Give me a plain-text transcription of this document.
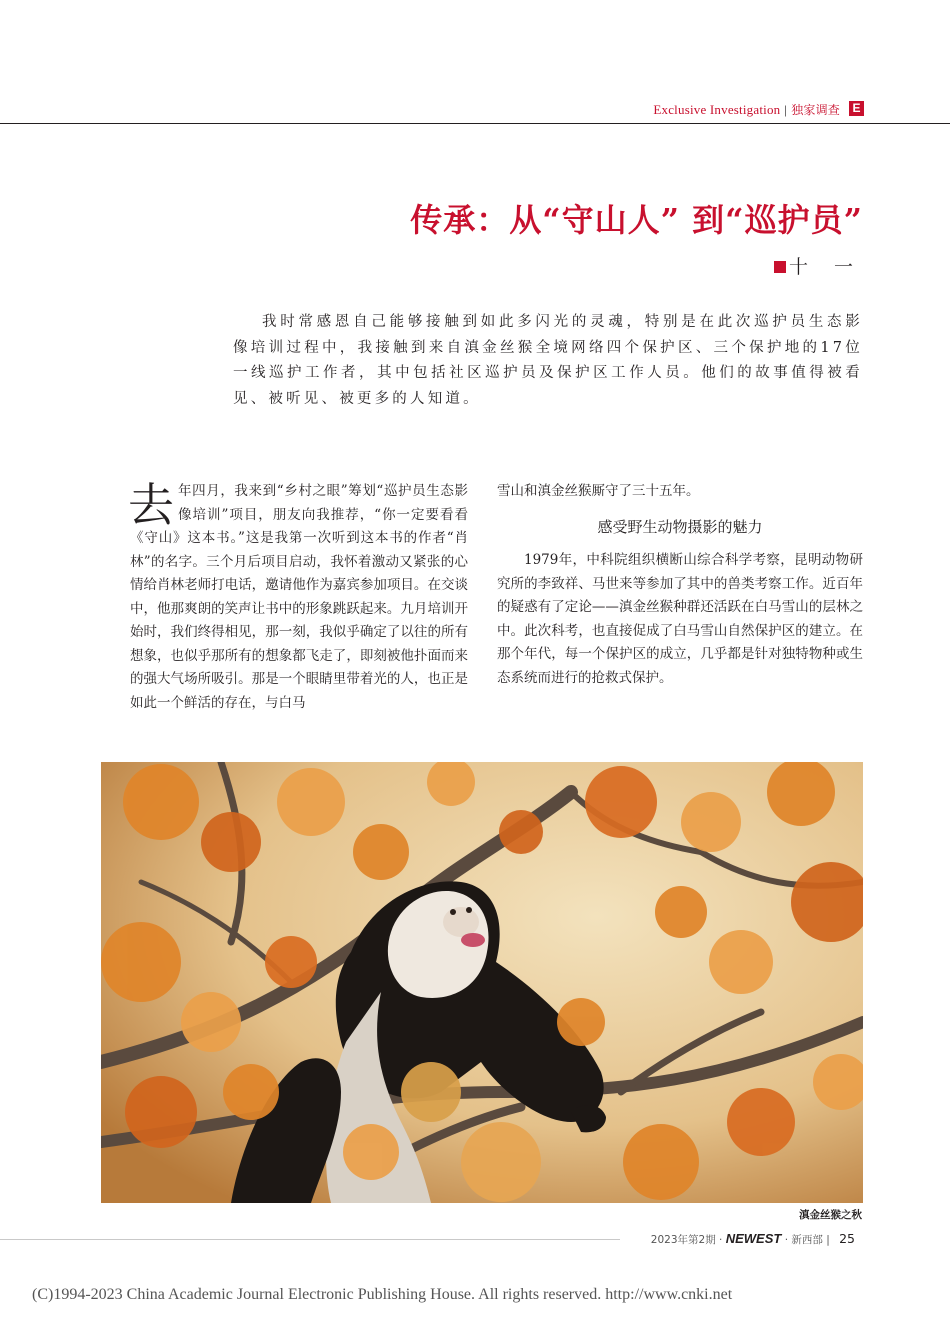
Exclusive Investigation | 独家调查 E
传承：从“守山人” 到“巡护员”
十 一

我时常感恩自己能够接触到如此多闪光的灵魂，特别是在此次巡护员生态影像培训过程中，我接触到来自滇金丝猴全境网络四个保护区、三个保护地的17位一线巡护工作者，其中包括社区巡护员及保护区工作人员。他们的故事值得被看见、被听见、被更多的人知道。

去年四月，我来到“乡村之眼”筹划“巡护员生态影像培训”项目，朋友向我推荐，“你一定要看看《守山》这本书。”这是我第一次听到这本书的作者“肖林”的名字。三个月后项目启动，我怀着激动又紧张的心情给肖林老师打电话，邀请他作为嘉宾参加项目。在交谈中，他那爽朗的笑声让书中的形象跳跃起来。九月培训开始时，我们终得相见，那一刻，我似乎确定了以往的所有想象，也似乎那所有的想象都飞走了，即刻被他扑面而来的强大气场所吸引。那是一个眼睛里带着光的人，也正是如此一个鲜活的存在，与白马

雪山和滇金丝猴厮守了三十五年。

感受野生动物摄影的魅力

1979年，中科院组织横断山综合科学考察，昆明动物研究所的李致祥、马世来等参加了其中的兽类考察工作。近百年的疑惑有了定论——滇金丝猴种群还活跃在白马雪山的层林之中。此次科考，也直接促成了白马雪山自然保护区的建立。在那个年代，每一个保护区的成立，几乎都是针对独特物种或生态系统而进行的抢救式保护。

滇金丝猴之秋
2023年第2期 · NEWEST · 新西部 | 25
(C)1994-2023 China Academic Journal Electronic Publishing House. All rights reserved. http://www.cnki.net
